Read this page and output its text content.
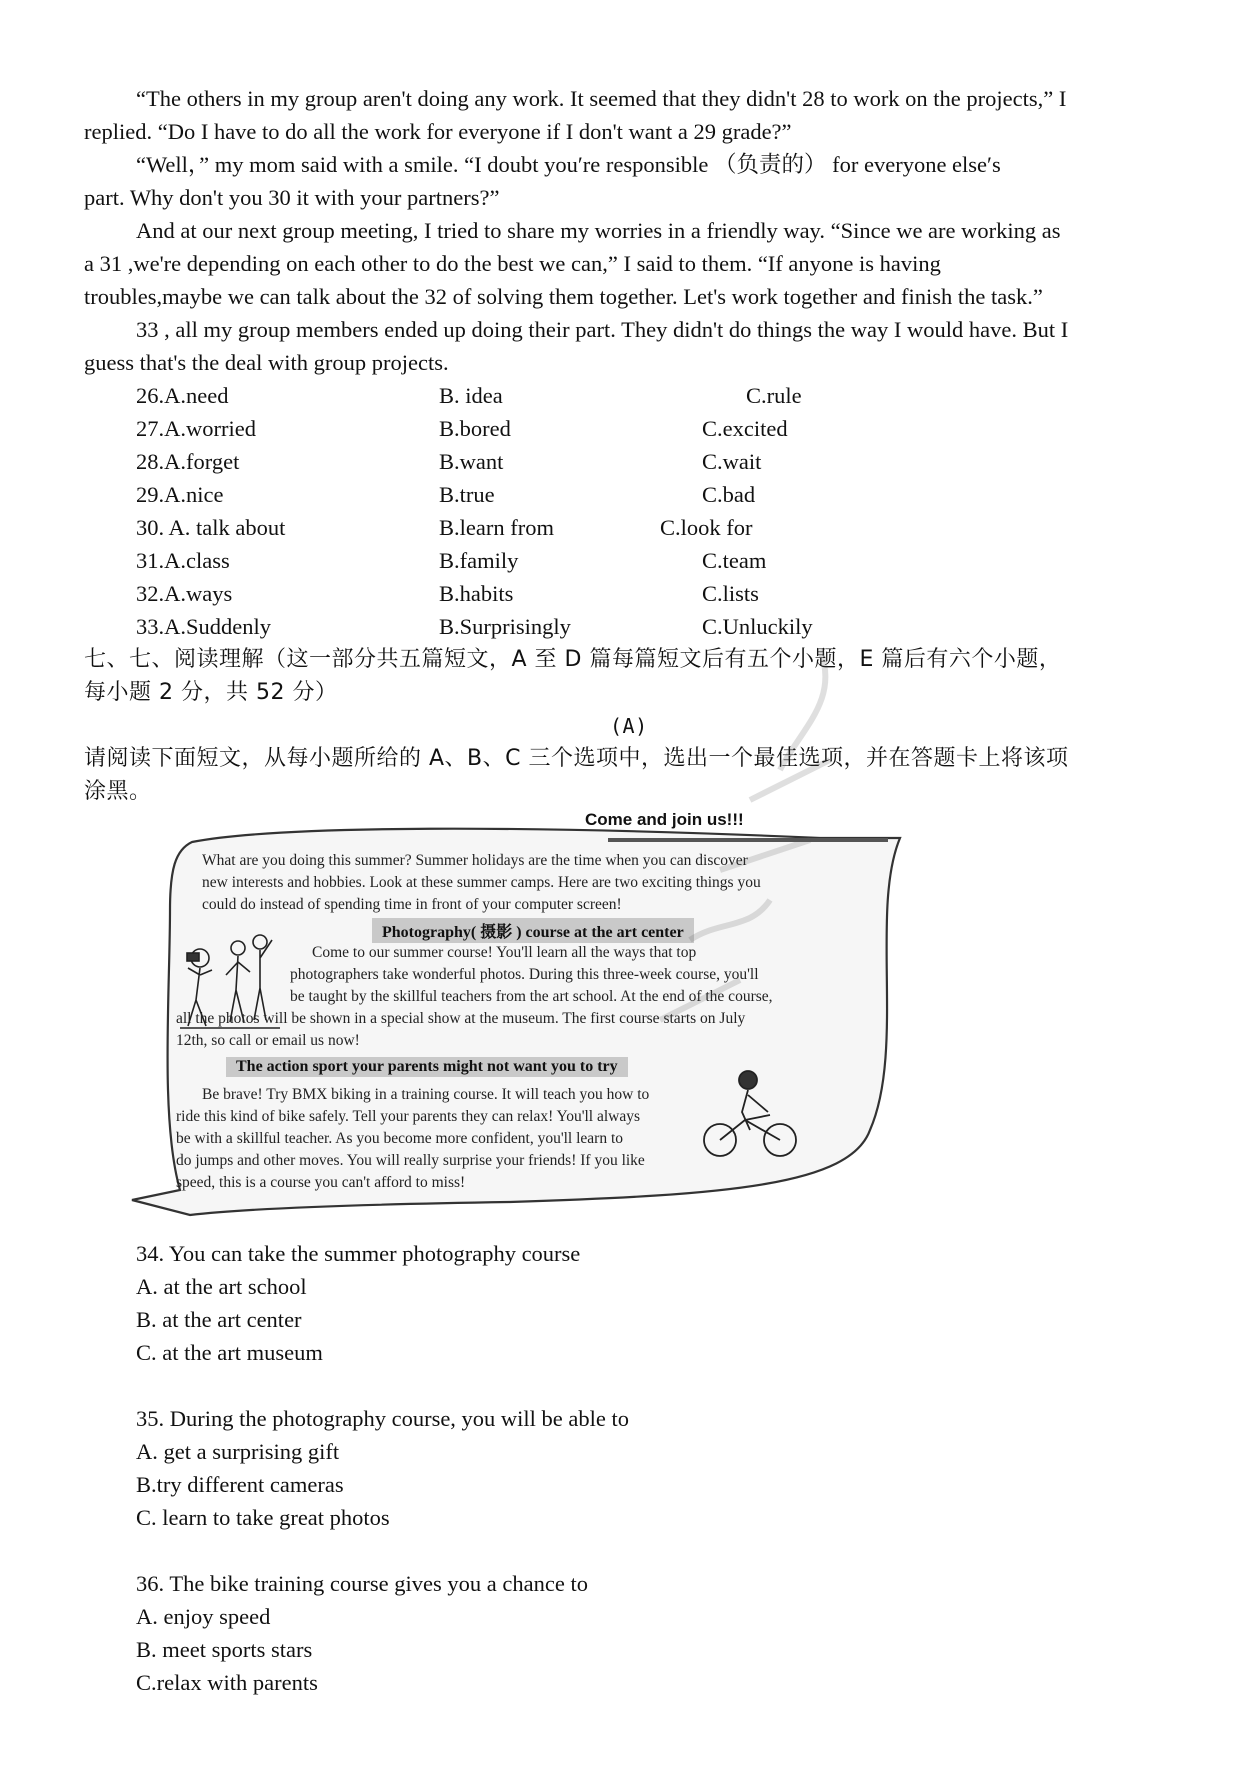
“The others in my group aren't doing any work. It seemed that they didn't 28 to work on the projects,” I
replied. “Do I have to do all the work for everyone if I don't want a 29 grade?”
“Well，” my mom said with a smile. “I doubt you′re responsible （负责的） for everyone else′s
part. Why don't you 30 it with your partners?”
And at our next group meeting, I tried to share my worries in a friendly way. “Since we are working as
a 31 ,we're depending on each other to do the best we can,” I said to them. “If anyone is having
troubles,maybe we can talk about the 32 of solving them together. Let's work together and finish the task.”
33 , all my group members ended up doing their part. They didn't do things the way I would have. But I
guess that's the deal with group projects.
26.A.need	B. idea	C.rule
27.A.worried	B.bored	C.excited
28.A.forget	B.want	C.wait
29.A.nice	B.true	C.bad
30. A. talk about	B.learn from	C.look for
31.A.class	B.family	C.team
32.A.ways	B.habits	C.lists
33.A.Suddenly	B.Surprisingly	C.Unluckily
七、七、阅读理解（这一部分共五篇短文，A 至 D 篇每篇短文后有五个小题，E 篇后有六个小题，
每小题 2 分，共 52 分）
(A)
请阅读下面短文，从每小题所给的 A、B、C 三个选项中，选出一个最佳选项，并在答题卡上将该项
涂黑。
Come and join us!!!
What are you doing this summer? Summer holidays are the time when you can discover
new interests and hobbies. Look at these summer camps. Here are two exciting things you
could do instead of spending time in front of your computer screen!
Photography( 摄影 ) course at the art center
Come to our summer course! You'll learn all the ways that top
photographers take wonderful photos. During this three-week course, you'll
be taught by the skillful teachers from the art school. At the end of the course,
all the photos will be shown in a special show at the museum. The first course starts on July
12th, so call or email us now!
The action sport your parents might not want you to try
Be brave! Try BMX biking in a training course. It will teach you how to
ride this kind of bike safely. Tell your parents they can relax! You'll always
be with a skillful teacher. As you become more confident, you'll learn to
do jumps and other moves. You will really surprise your friends! If you like
speed, this is a course you can't afford to miss!
34. You can take the summer photography course
A. at the art school
B. at the art center
C. at the art museum
35. During the photography course, you will be able to
A. get a surprising gift
B.try different cameras
C. learn to take great photos
36. The bike training course gives you a chance to
A. enjoy speed
B. meet sports stars
C.relax with parents
